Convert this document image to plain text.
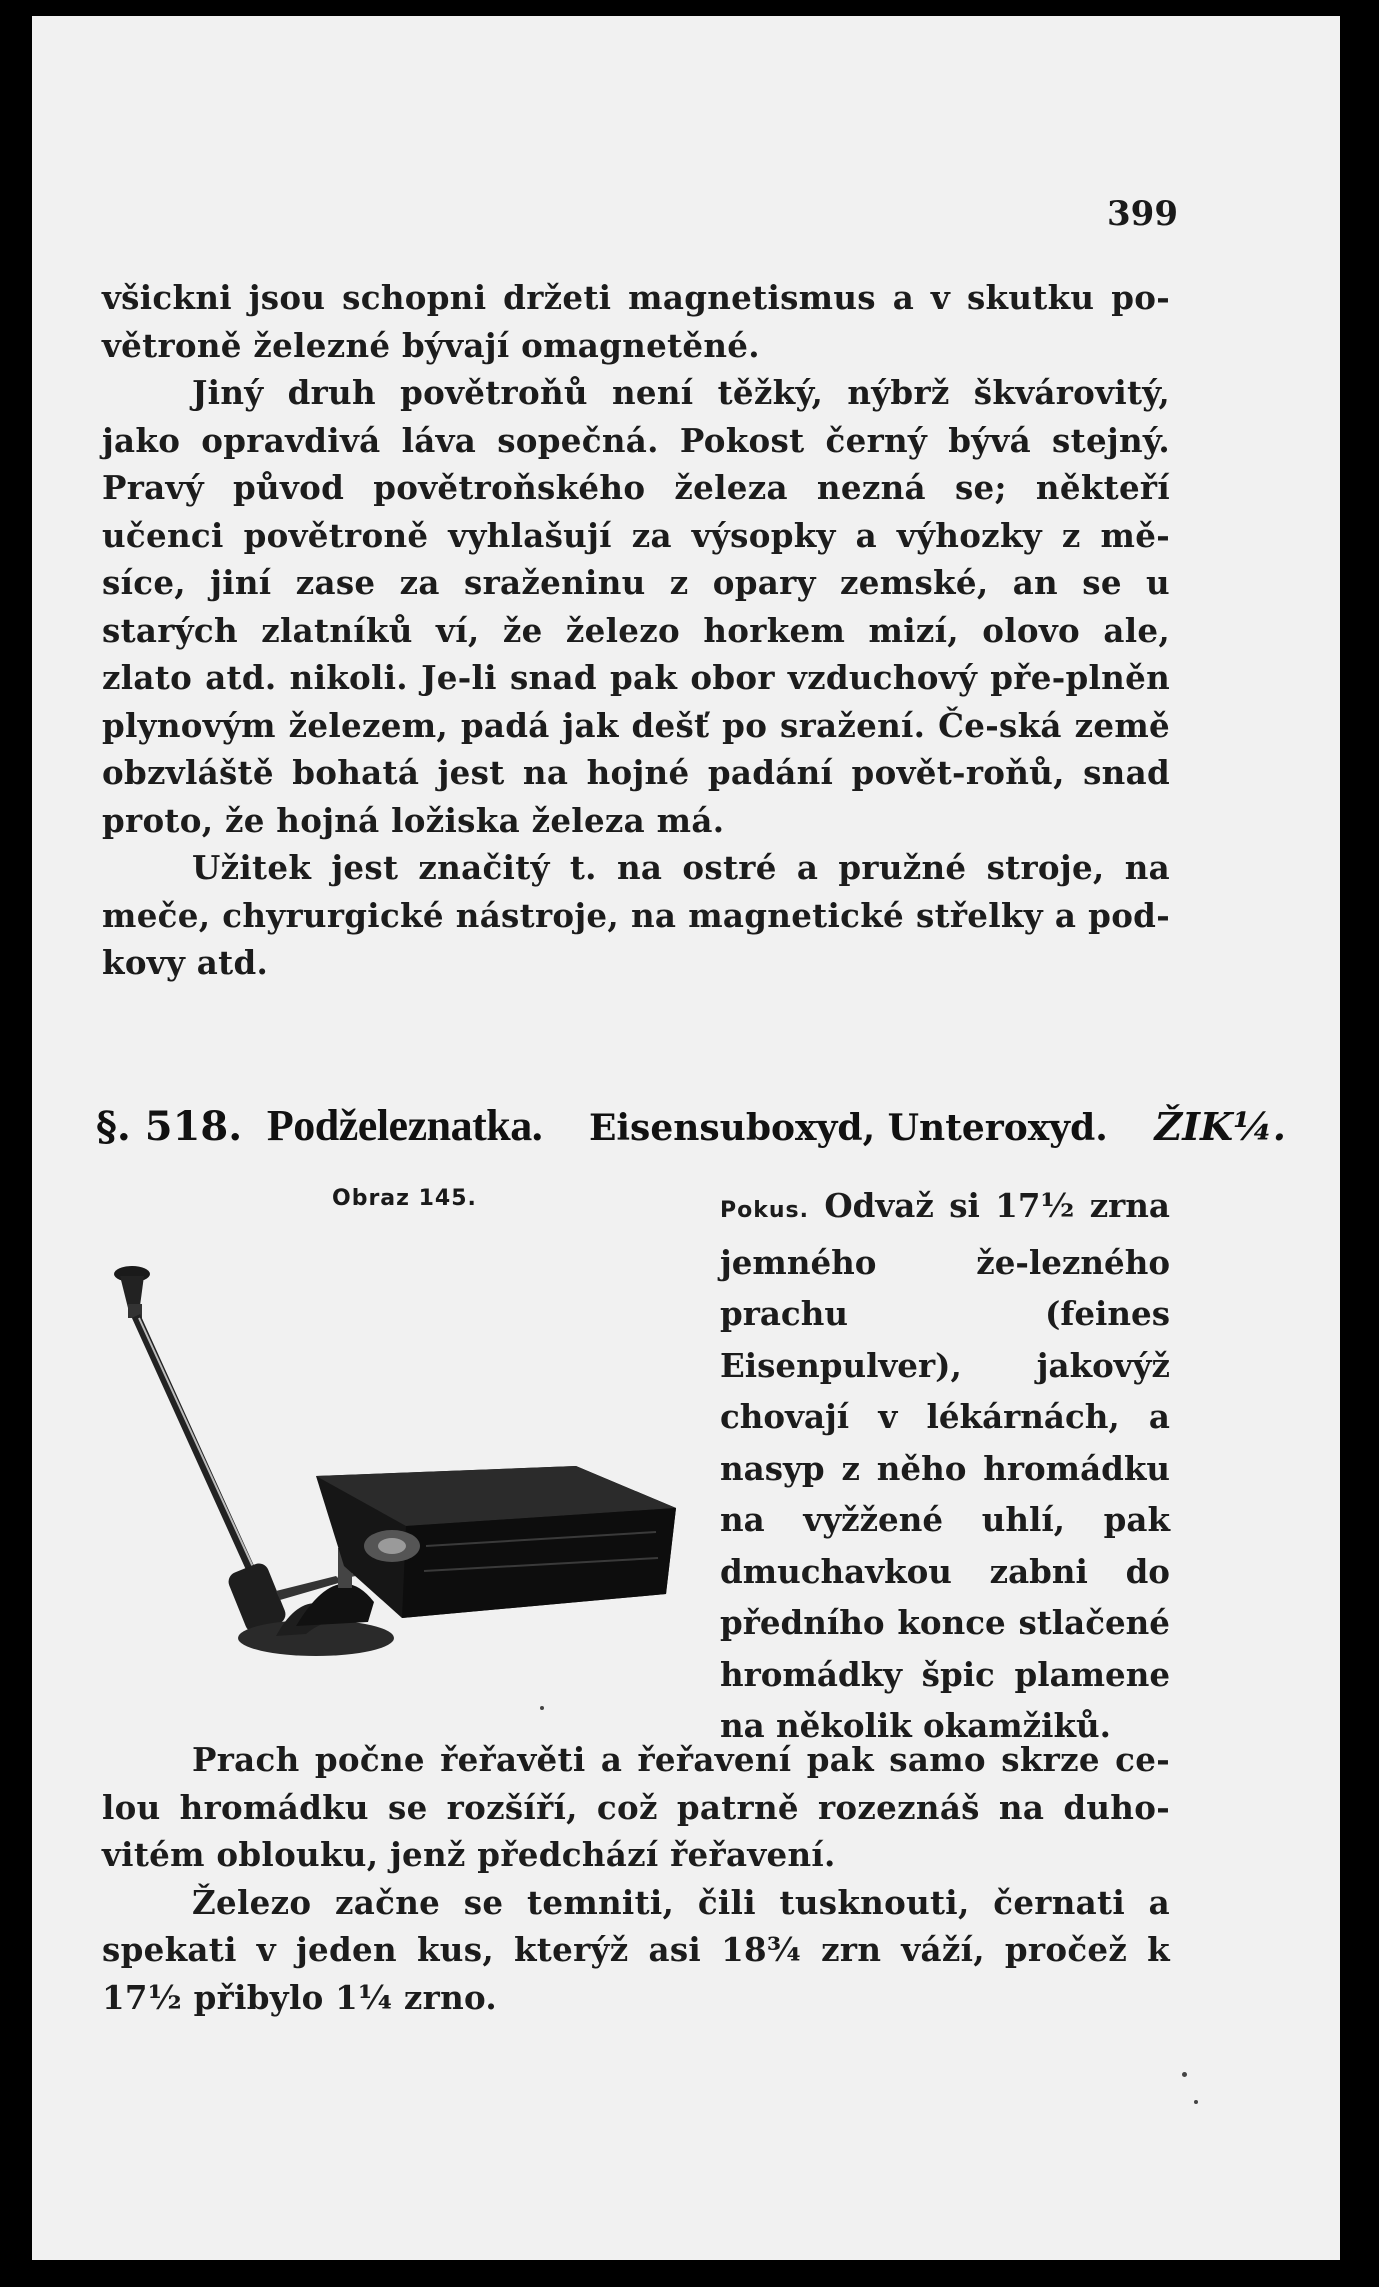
399

všickni jsou schopni držeti magnetismus a v skutku po-větroně železné bývají omagnetěné.

Jiný druh povětroňů není těžký, nýbrž škvárovitý, jako opravdivá láva sopečná. Pokost černý bývá stejný. Pravý původ povětroňského železa nezná se; někteří učenci povětroně vyhlašují za výsopky a výhozky z mě-síce, jiní zase za sraženinu z opary zemské, an se u starých zlatníků ví, že železo horkem mizí, olovo ale, zlato atd. nikoli. Je-li snad pak obor vzduchový pře-plněn plynovým železem, padá jak dešť po sražení. Če-ská země obzvláště bohatá jest na hojné padání povět-roňů, snad proto, že hojná ložiska železa má.

Užitek jest značitý t. na ostré a pružné stroje, na meče, chyrurgické nástroje, na magnetické střelky a pod-kovy atd.

§. 518. Podželeznatka. Eisensuboxyd, Unteroxyd. ŽIK¼.
Obraz 145.	Pokus. Odvaž si 17½ zrna jemného že-lezného prachu (feines Eisenpulver), jakovýž chovají v lékárnách, a nasyp z něho hromádku na vyžžené uhlí, pak dmuchavkou zabni do předního konce stlačené hromádky špic plamene na několik okamžiků.

Prach počne řeřavěti a řeřavení pak samo skrze ce-lou hromádku se rozšíří, což patrně rozeznáš na duho-vitém oblouku, jenž předchází řeřavení.

Železo začne se temniti, čili tusknouti, černati a spekati v jeden kus, kterýž asi 18¾ zrn váží, pročež k 17½ přibylo 1¼ zrno.
